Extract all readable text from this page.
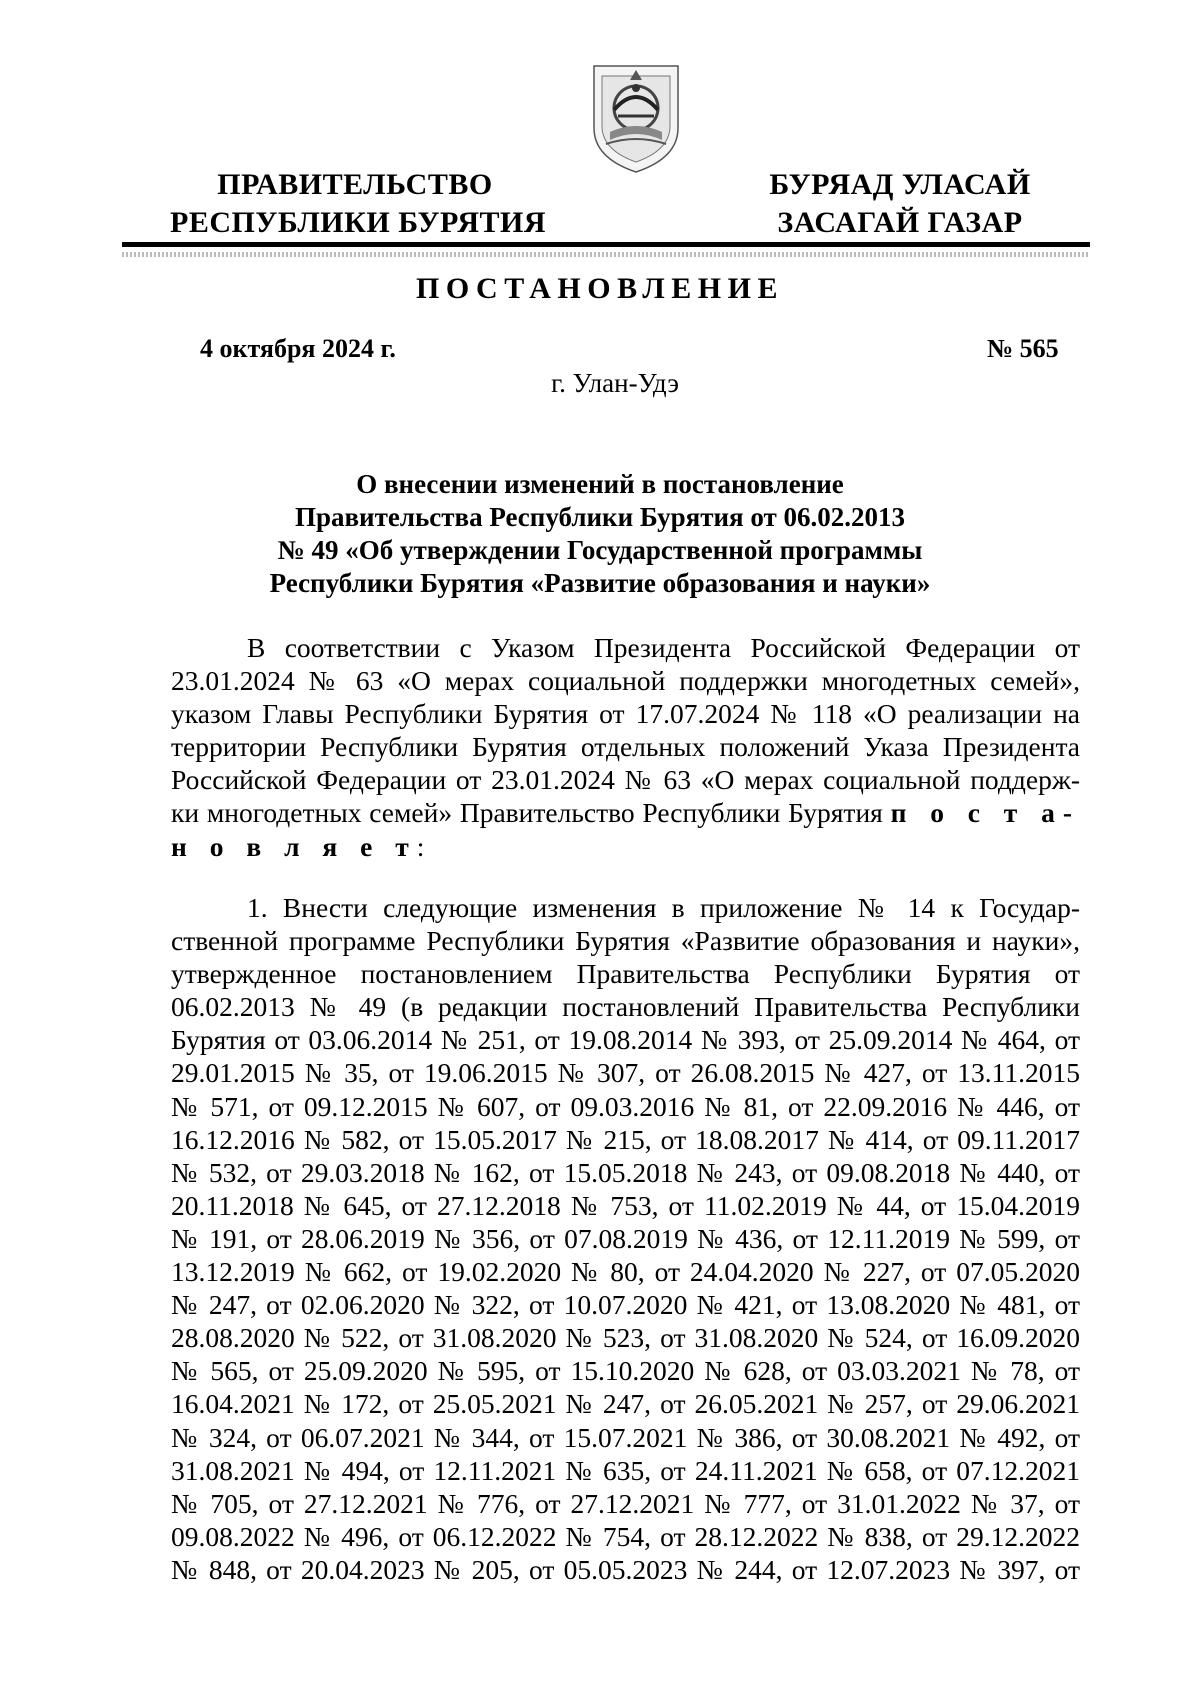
ПРАВИТЕЛЬСТВО
РЕСПУБЛИКИ БУРЯТИЯ
БУРЯАД УЛАСАЙ
ЗАСАГАЙ ГАЗАР
ПОСТАНОВЛЕНИЕ
4 октября 2024 г.	№ 565
г. Улан-Удэ
О внесении изменений в постановление
Правительства Республики Бурятия от 06.02.2013
№ 49 «Об утверждении Государственной программы
Республики Бурятия «Развитие образования и науки»
В соответствии с Указом Президента Российской Федерации от
23.01.2024 № 63 «О мерах социальной поддержки многодетных семей»,
указом Главы Республики Бурятия от 17.07.2024 № 118 «О реализации на
территории Республики Бурятия отдельных положений Указа Президента
Российской Федерации от 23.01.2024 № 63 «О мерах социальной поддерж-
ки многодетных семей» Правительство Республики Бурятия п о с т а-
н о в л я е т:
1. Внести следующие изменения в приложение № 14 к Государ-
ственной программе Республики Бурятия «Развитие образования и науки»,
утвержденное постановлением Правительства Республики Бурятия от
06.02.2013 № 49 (в редакции постановлений Правительства Республики
Бурятия от 03.06.2014 № 251, от 19.08.2014 № 393, от 25.09.2014 № 464, от
29.01.2015 № 35, от 19.06.2015 № 307, от 26.08.2015 № 427, от 13.11.2015
№ 571, от 09.12.2015 № 607, от 09.03.2016 № 81, от 22.09.2016 № 446, от
16.12.2016 № 582, от 15.05.2017 № 215, от 18.08.2017 № 414, от 09.11.2017
№ 532, от 29.03.2018 № 162, от 15.05.2018 № 243, от 09.08.2018 № 440, от
20.11.2018 № 645, от 27.12.2018 № 753, от 11.02.2019 № 44, от 15.04.2019
№ 191, от 28.06.2019 № 356, от 07.08.2019 № 436, от 12.11.2019 № 599, от
13.12.2019 № 662, от 19.02.2020 № 80, от 24.04.2020 № 227, от 07.05.2020
№ 247, от 02.06.2020 № 322, от 10.07.2020 № 421, от 13.08.2020 № 481, от
28.08.2020 № 522, от 31.08.2020 № 523, от 31.08.2020 № 524, от 16.09.2020
№ 565, от 25.09.2020 № 595, от 15.10.2020 № 628, от 03.03.2021 № 78, от
16.04.2021 № 172, от 25.05.2021 № 247, от 26.05.2021 № 257, от 29.06.2021
№ 324, от 06.07.2021 № 344, от 15.07.2021 № 386, от 30.08.2021 № 492, от
31.08.2021 № 494, от 12.11.2021 № 635, от 24.11.2021 № 658, от 07.12.2021
№ 705, от 27.12.2021 № 776, от 27.12.2021 № 777, от 31.01.2022 № 37, от
09.08.2022 № 496, от 06.12.2022 № 754, от 28.12.2022 № 838, от 29.12.2022
№ 848, от 20.04.2023 № 205, от 05.05.2023 № 244, от 12.07.2023 № 397, от
